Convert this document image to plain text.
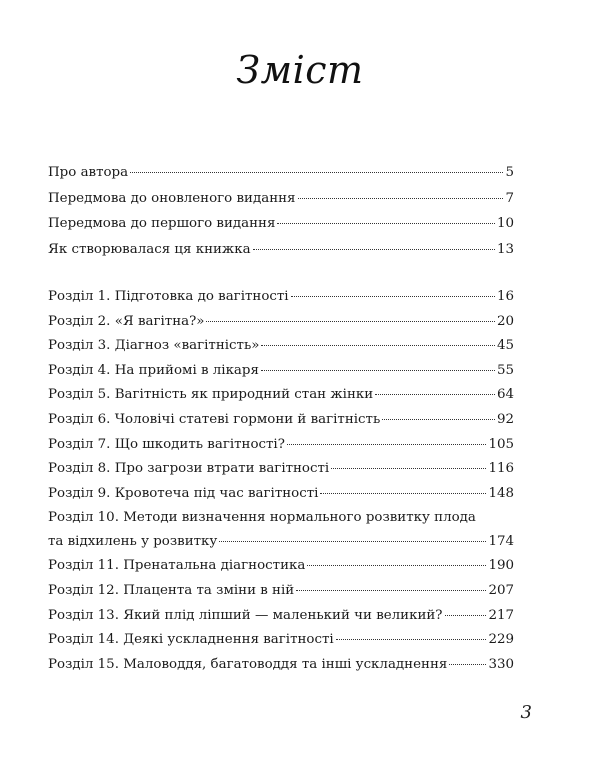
Зміст
Про автора	5
Передмова до оновленого видання	7
Передмова до першого видання	10
Як створювалася ця книжка	13
Розділ 1. Підготовка до вагітності	16
Розділ 2. «Я вагітна?»	20
Розділ 3. Діагноз «вагітність»	45
Розділ 4. На прийомі в лікаря	55
Розділ 5. Вагітність як природний стан жінки	64
Розділ 6. Чоловічі статеві гормони й вагітність	92
Розділ 7. Що шкодить вагітності?	105
Розділ 8. Про загрози втрати вагітності	116
Розділ 9. Кровотеча під час вагітності	148
Розділ 10. Методи визначення нормального розвитку плода
та відхилень у розвитку	174
Розділ 11. Пренатальна діагностика	190
Розділ 12. Плацента та зміни в ній	207
Розділ 13. Який плід ліпший — маленький чи великий?	217
Розділ 14. Деякі ускладнення вагітності	229
Розділ 15. Маловоддя, багатоводдя та інші ускладнення	330
3
